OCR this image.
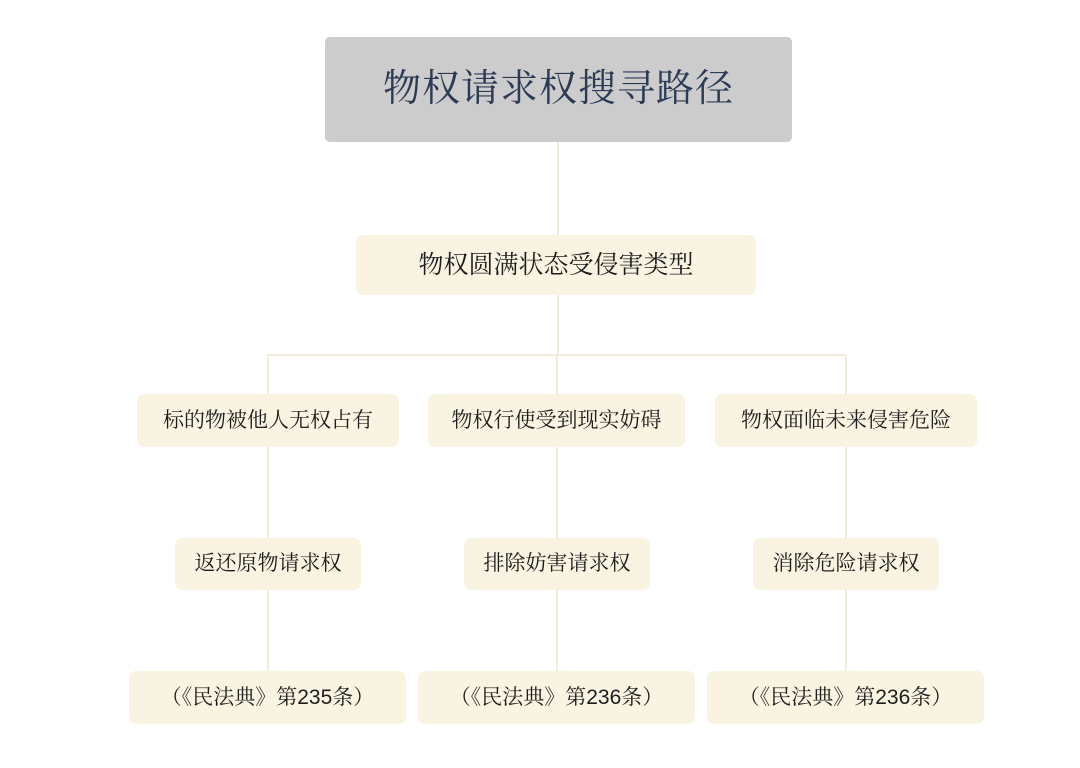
物权请求权搜寻路径
物权圆满状态受侵害类型
标的物被他人无权占有
返还原物请求权
（《民法典》第235条）
物权行使受到现实妨碍
排除妨害请求权
（《民法典》第236条）
物权面临未来侵害危险
消除危险请求权
（《民法典》第236条）
